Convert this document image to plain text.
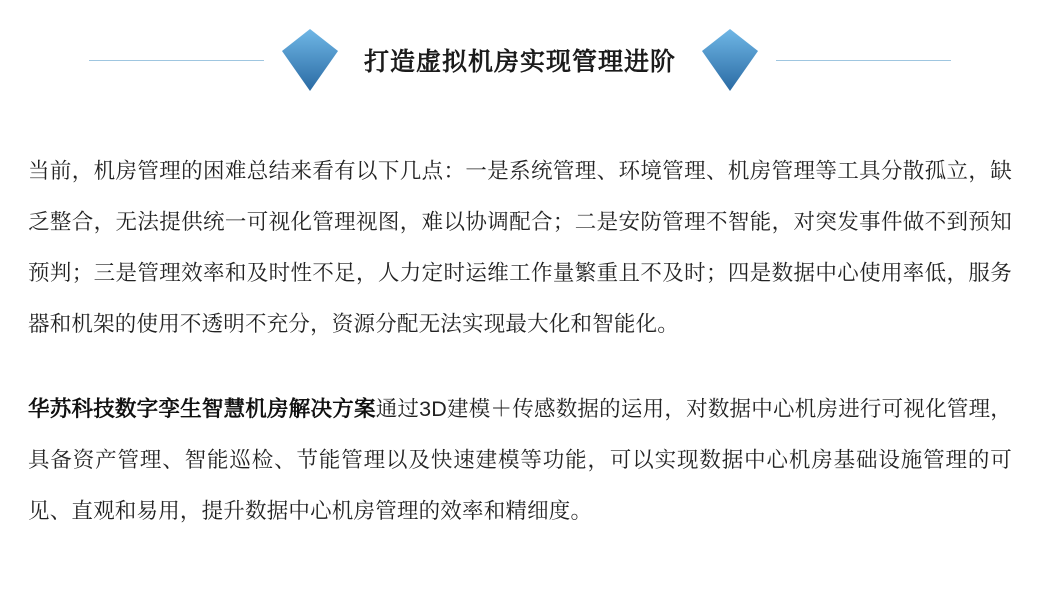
打造虚拟机房实现管理进阶

当前，机房管理的困难总结来看有以下几点：一是系统管理、环境管理、机房管理等工具分散孤立，缺乏整合，无法提供统一可视化管理视图，难以协调配合；二是安防管理不智能，对突发事件做不到预知预判；三是管理效率和及时性不足，人力定时运维工作量繁重且不及时；四是数据中心使用率低，服务器和机架的使用不透明不充分，资源分配无法实现最大化和智能化。

华苏科技数字孪生智慧机房解决方案通过3D建模＋传感数据的运用，对数据中心机房进行可视化管理，具备资产管理、智能巡检、节能管理以及快速建模等功能，可以实现数据中心机房基础设施管理的可见、直观和易用，提升数据中心机房管理的效率和精细度。
